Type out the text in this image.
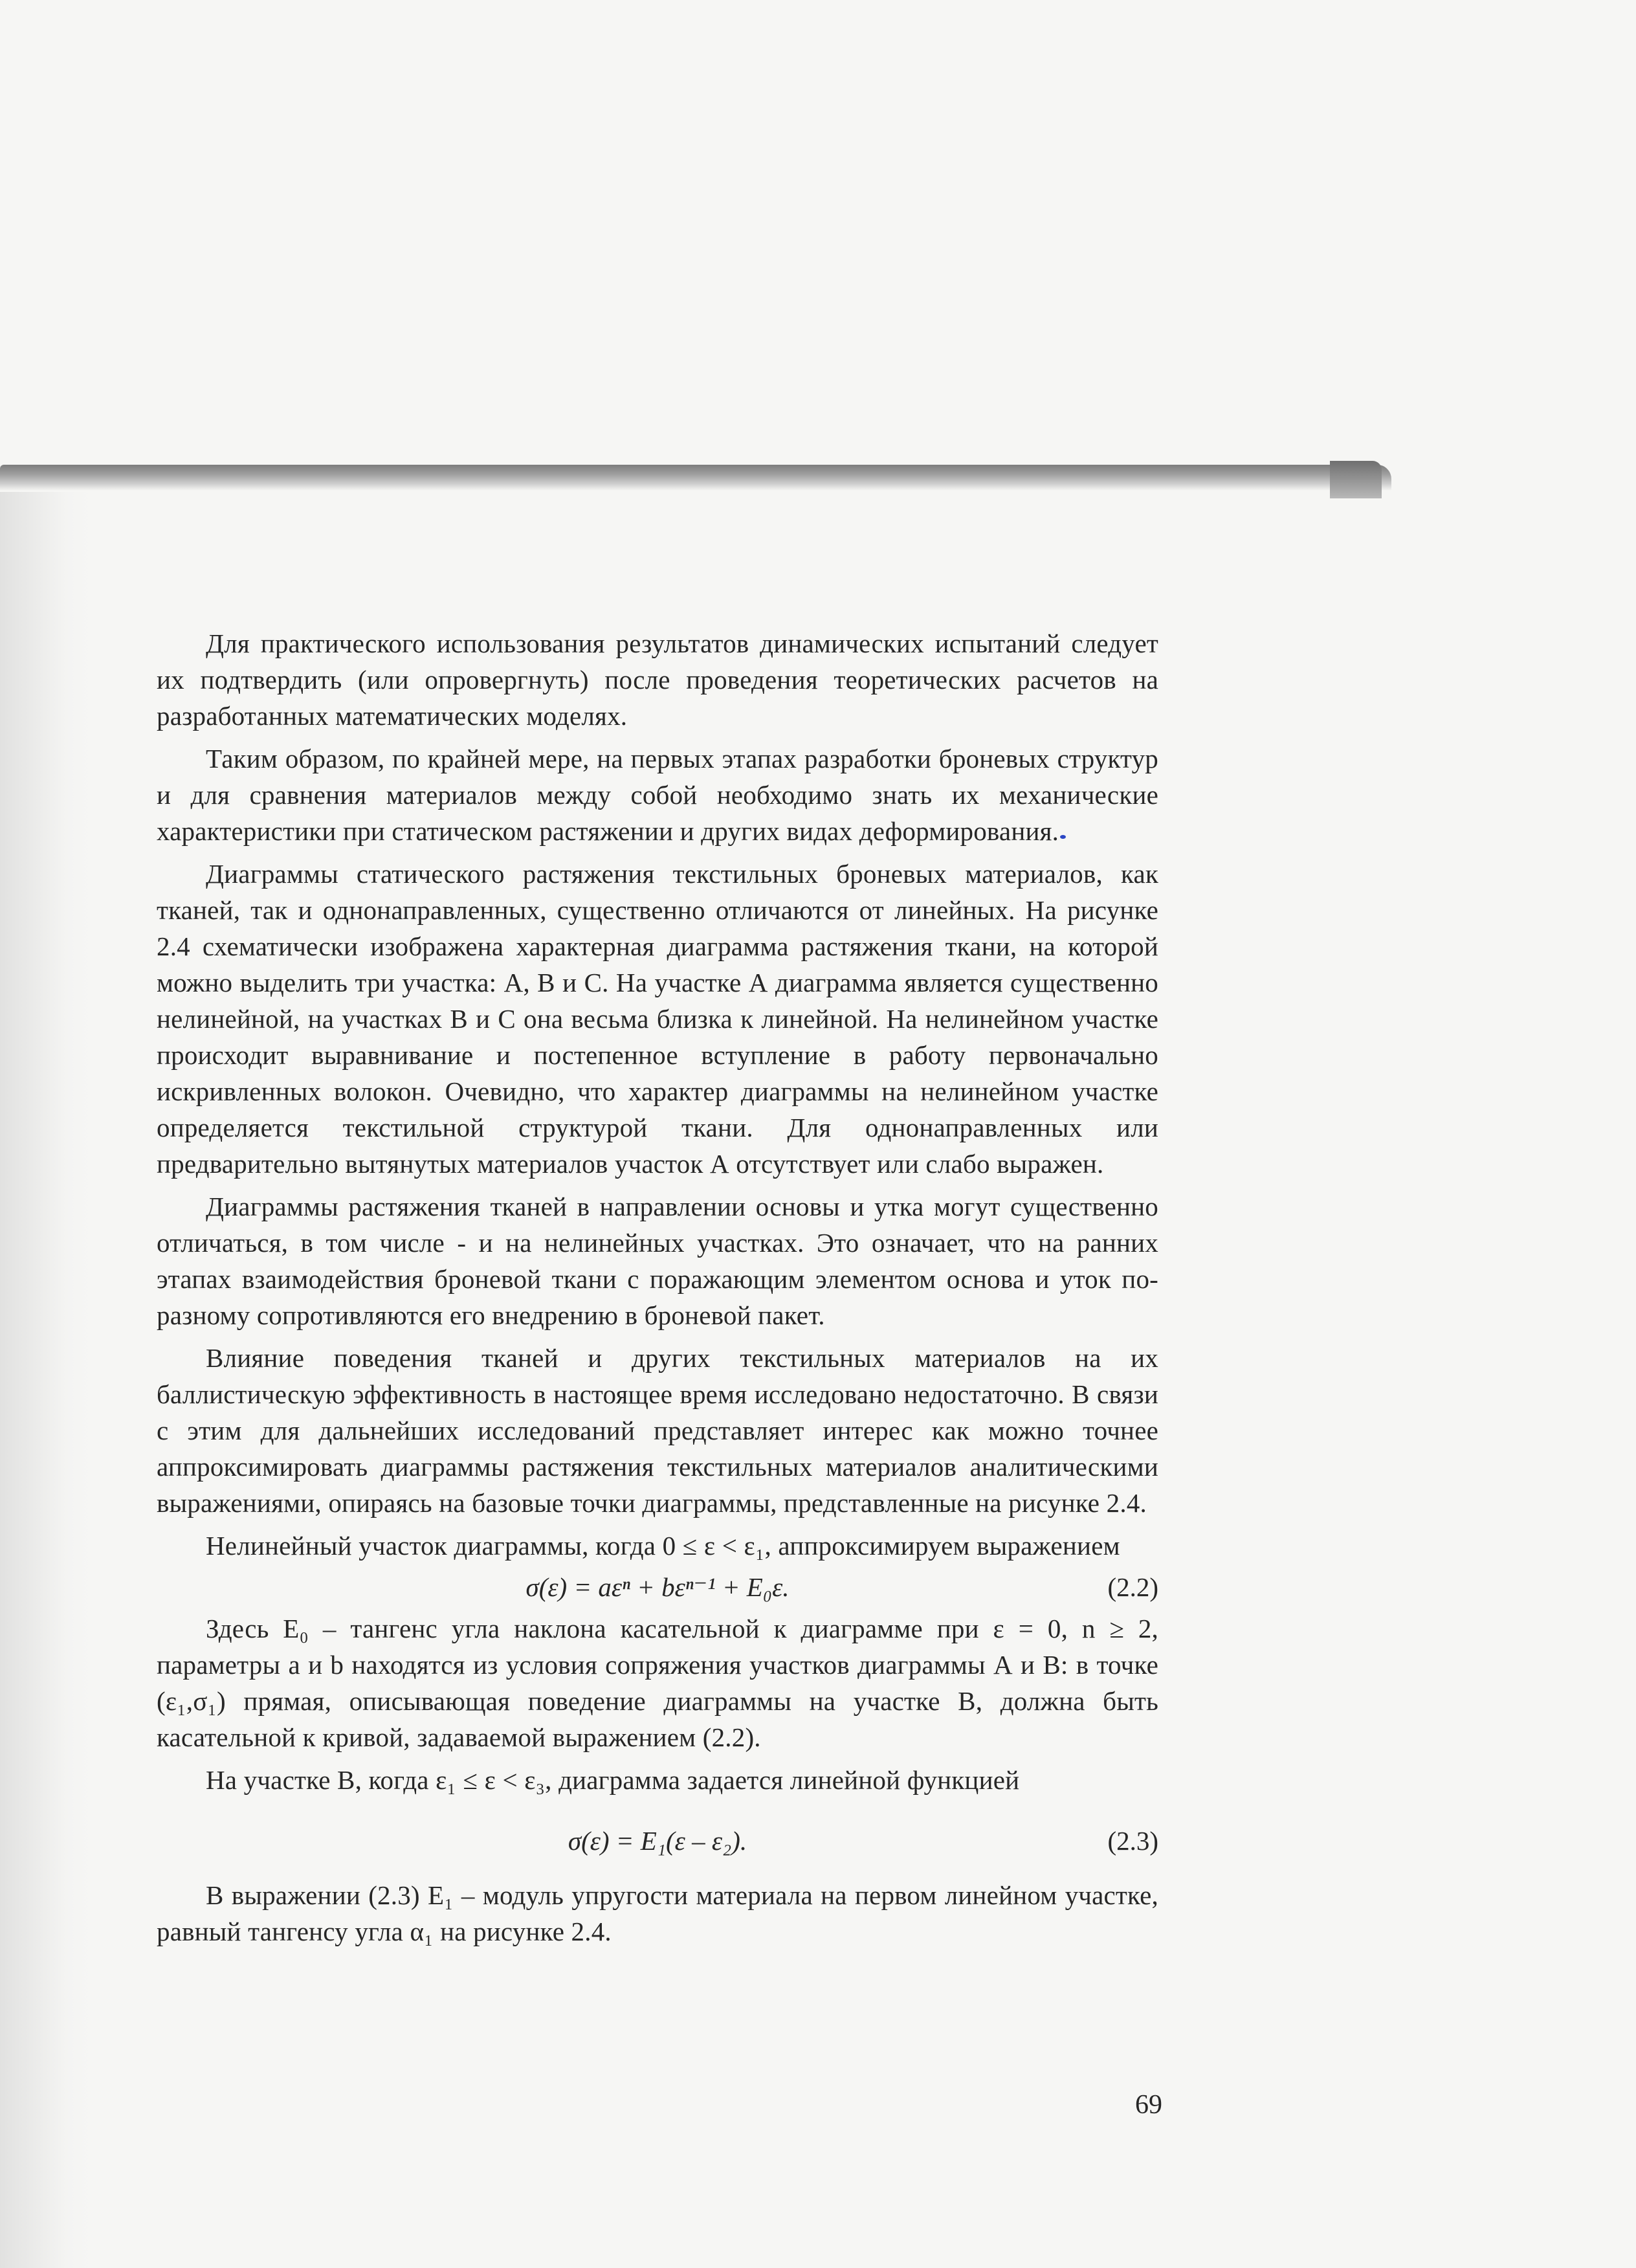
Для практического использования результатов динамических испытаний следует их подтвердить (или опровергнуть) после проведения теоретических расчетов на разработанных математических моделях.

Таким образом, по крайней мере, на первых этапах разработки броневых структур и для сравнения материалов между собой необходимо знать их механические характеристики при статическом растяжении и других видах деформирования.

Диаграммы статического растяжения текстильных броневых материалов, как тканей, так и однонаправленных, существенно отличаются от линейных. На рисунке 2.4 схематически изображена характерная диаграмма растяжения ткани, на которой можно выделить три участка: А, В и С. На участке А диаграмма является существенно нелинейной, на участках В и С она весьма близка к линейной. На нелинейном участке происходит выравнивание и постепенное вступление в работу первоначально искривленных волокон. Очевидно, что характер диаграммы на нелинейном участке определяется текстильной структурой ткани. Для однонаправленных или предварительно вытянутых материалов участок А отсутствует или слабо выражен.

Диаграммы растяжения тканей в направлении основы и утка могут существенно отличаться, в том числе - и на нелинейных участках. Это означает, что на ранних этапах взаимодействия броневой ткани с поражающим элементом основа и уток по-разному сопротивляются его внедрению в броневой пакет.

Влияние поведения тканей и других текстильных материалов на их баллистическую эффективность в настоящее время исследовано недостаточно. В связи с этим для дальнейших исследований представляет интерес как можно точнее аппроксимировать диаграммы растяжения текстильных материалов аналитическими выражениями, опираясь на базовые точки диаграммы, представленные на рисунке 2.4.

Нелинейный участок диаграммы, когда 0 ≤ ε < ε₁, аппроксимируем выражением

σ(ε) = aεⁿ + bεⁿ⁻¹ + E₀ε.	(2.2)

Здесь E₀ – тангенс угла наклона касательной к диаграмме при ε = 0, n ≥ 2, параметры a и b находятся из условия сопряжения участков диаграммы А и В: в точке (ε₁,σ₁) прямая, описывающая поведение диаграммы на участке В, должна быть касательной к кривой, задаваемой выражением (2.2).

На участке В, когда ε₁ ≤ ε < ε₃, диаграмма задается линейной функцией

σ(ε) = E₁(ε – ε₂).	(2.3)

В выражении (2.3) E₁ – модуль упругости материала на первом линейном участке, равный тангенсу угла α₁ на рисунке 2.4.

69
